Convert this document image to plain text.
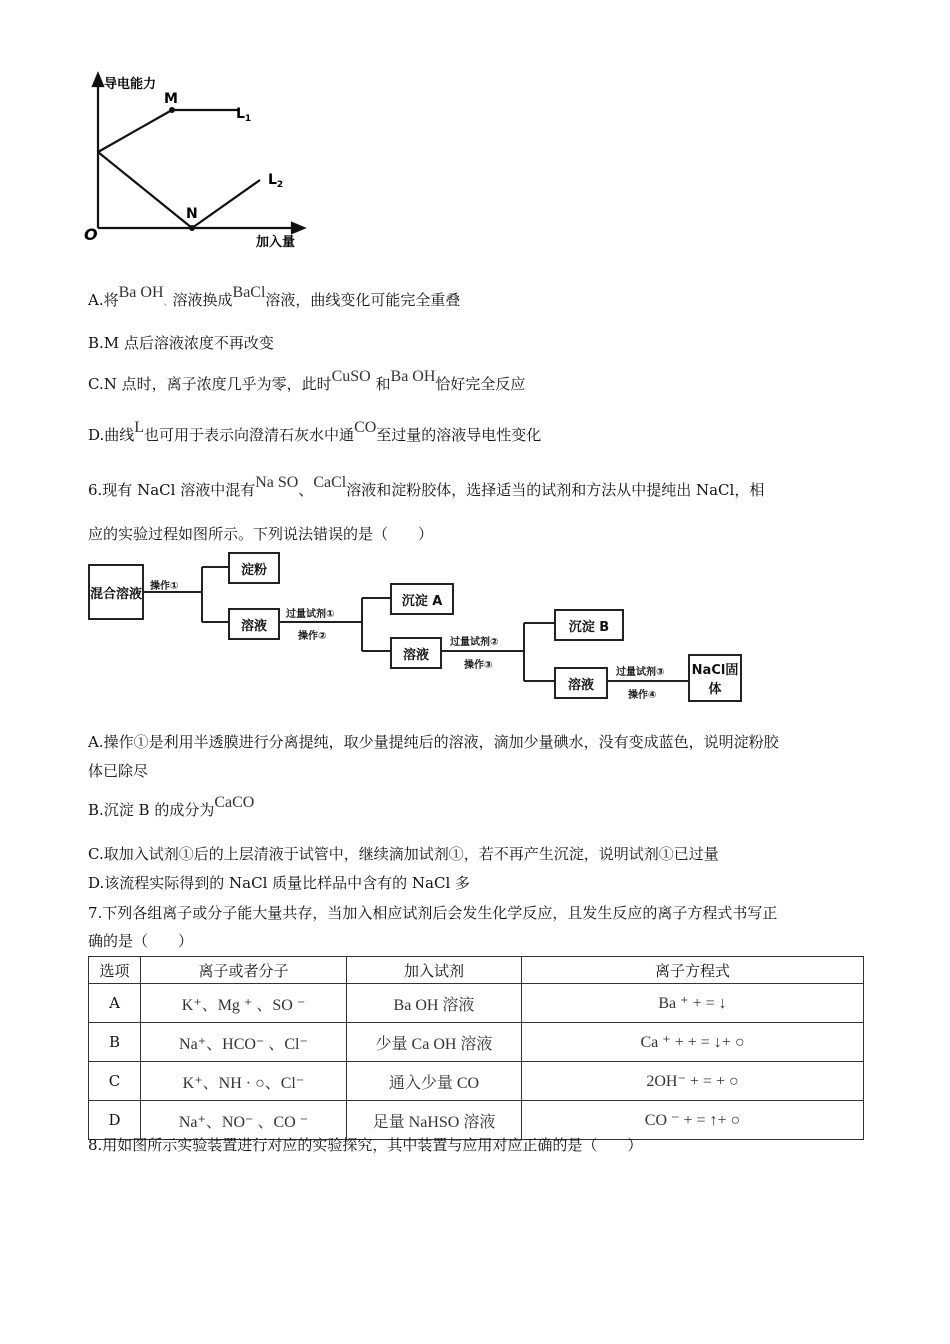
导电能力
加入量
O
M
N
$L_1$
$L_2$
A.将Ba OH、溶液换成BaCl溶液，曲线变化可能完全重叠
B.M 点后溶液浓度不再改变
C.N 点时，离子浓度几乎为零，此时CuSO 和Ba OH恰好完全反应
D.曲线L也可用于表示向澄清石灰水中通CO至过量的溶液导电性变化
6.现有 NaCl 溶液中混有Na SO、CaCl溶液和淀粉胶体，选择适当的试剂和方法从中提纯出 NaCl，相
应的实验过程如图所示。下列说法错误的是（　　）
混合溶液 操作①
淀粉
溶液
过量试剂①
操作②
沉淀 A
溶液
过量试剂②
操作③
沉淀 B
溶液
过量试剂③
操作④
NaCl固体
A.操作①是利用半透膜进行分离提纯，取少量提纯后的溶液，滴加少量碘水，没有变成蓝色，说明淀粉胶
体已除尽
B.沉淀 B 的成分为CaCO
C.取加入试剂①后的上层清液于试管中，继续滴加试剂①，若不再产生沉淀，说明试剂①已过量
D.该流程实际得到的 NaCl 质量比样品中含有的 NaCl 多
7.下列各组离子或分子能大量共存，当加入相应试剂后会发生化学反应，且发生反应的离子方程式书写正
确的是（　　）
选项	离子或者分子	加入试剂	离子方程式
A	K⁺、Mg ⁺ 、SO ⁻	Ba OH 溶液	Ba ⁺ + = ↓
B	Na⁺、HCO⁻ 、Cl⁻	少量 Ca OH 溶液	Ca ⁺ + + = ↓+ ○
C	K⁺、NH · ○、Cl⁻	通入少量 CO	2OH⁻ + = + ○
D	Na⁺、NO⁻ 、CO ⁻	足量 NaHSO 溶液	CO ⁻ + = ↑+ ○
8.用如图所示实验装置进行对应的实验探究，其中装置与应用对应正确的是（　　）
